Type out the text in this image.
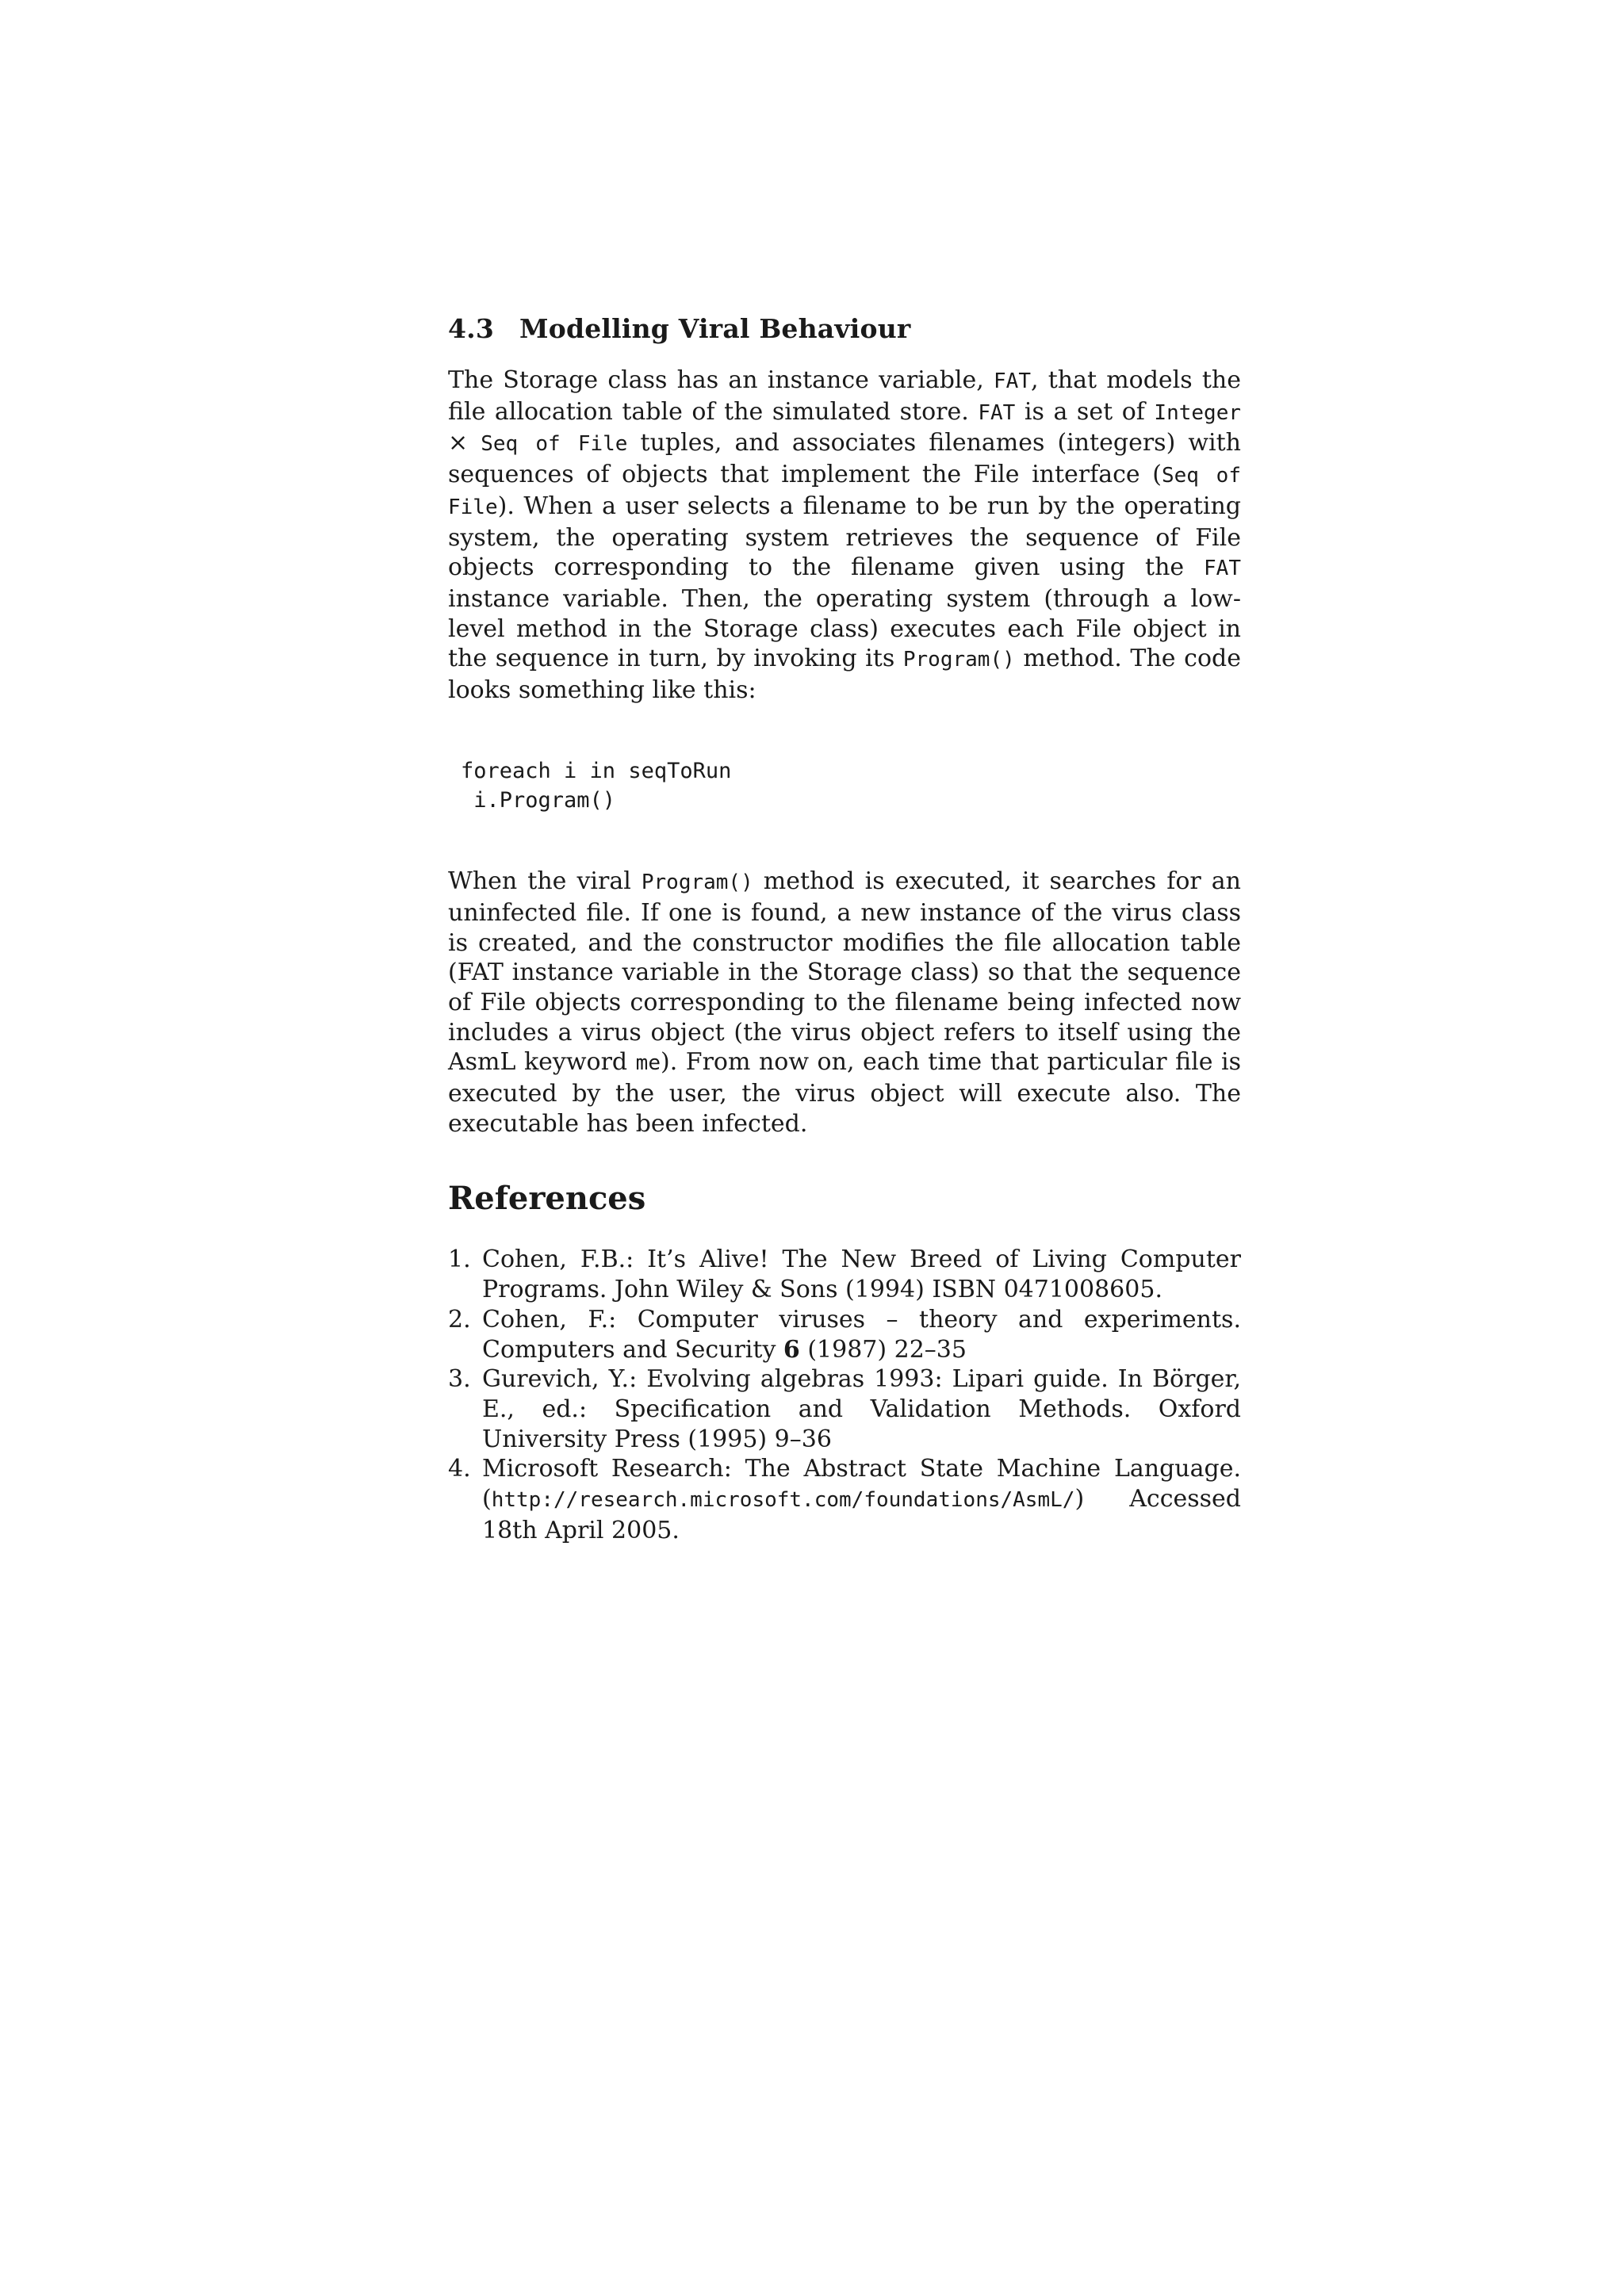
4.3 Modelling Viral Behaviour

The Storage class has an instance variable, FAT, that models the file allocation table of the simulated store. FAT is a set of Integer × Seq of File tuples, and associates filenames (integers) with sequences of objects that implement the File interface (Seq of File). When a user selects a filename to be run by the operating system, the operating system retrieves the sequence of File objects corresponding to the filename given using the FAT instance variable. Then, the operating system (through a low-level method in the Storage class) executes each File object in the sequence in turn, by invoking its Program() method. The code looks something like this:

foreach i in seqToRun
i.Program()

When the viral Program() method is executed, it searches for an uninfected file. If one is found, a new instance of the virus class is created, and the constructor modifies the file allocation table (FAT instance variable in the Storage class) so that the sequence of File objects corresponding to the filename being infected now includes a virus object (the virus object refers to itself using the AsmL keyword me). From now on, each time that particular file is executed by the user, the virus object will execute also. The executable has been infected.

References
1. Cohen, F.B.: It’s Alive! The New Breed of Living Computer Programs. John Wiley & Sons (1994) ISBN 0471008605.
2. Cohen, F.: Computer viruses – theory and experiments. Computers and Security 6 (1987) 22–35
3. Gurevich, Y.: Evolving algebras 1993: Lipari guide. In Börger, E., ed.: Specification and Validation Methods. Oxford University Press (1995) 9–36
4. Microsoft Research: The Abstract State Machine Language. (http://research.microsoft.com/foundations/AsmL/) Accessed 18th April 2005.
